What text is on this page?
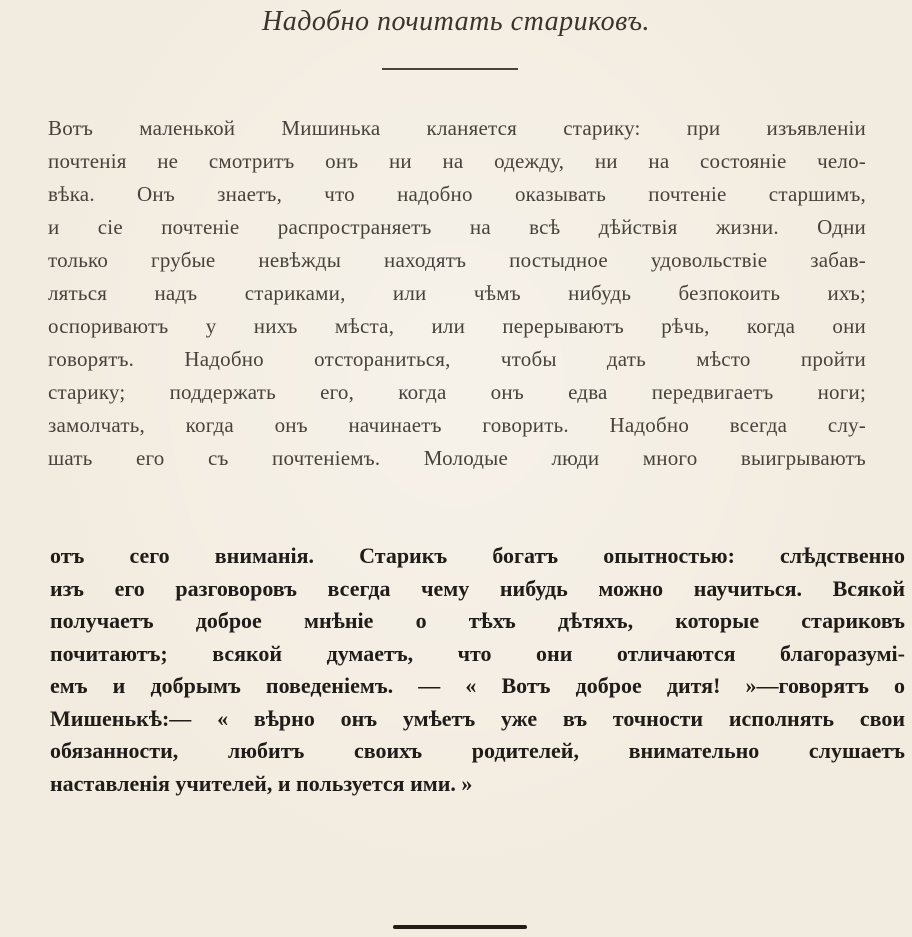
Надобно почитать стариковъ.

Вотъ маленькой Мишинька кланяется старику: при изъявленіи
почтенія не смотритъ онъ ни на одежду, ни на состояніе чело-
вѣка. Онъ знаетъ, что надобно оказывать почтеніе старшимъ,
и сіе почтеніе распространяетъ на всѣ дѣйствія жизни. Одни
только грубые невѣжды находятъ постыдное удовольствіе забав-
ляться надъ стариками, или чѣмъ нибудь безпокоить ихъ;
оспориваютъ у нихъ мѣста, или перерываютъ рѣчь, когда они
говорятъ. Надобно отстораниться, чтобы дать мѣсто пройти
старику; поддержать его, когда онъ едва передвигаетъ ноги;
замолчать, когда онъ начинаетъ говорить. Надобно всегда слу-
шать его съ почтеніемъ. Молодые люди много выигрываютъ

отъ сего вниманія. Старикъ богатъ опытностью: слѣдственно
изъ его разговоровъ всегда чему нибудь можно научиться. Всякой
получаетъ доброе мнѣніе о тѣхъ дѣтяхъ, которые стариковъ
почитаютъ; всякой думаетъ, что они отличаются благоразумі-
емъ и добрымъ поведеніемъ. — « Вотъ доброе дитя! »—говорятъ о
Мишенькѣ:— « вѣрно онъ умѣетъ уже въ точности исполнять свои
обязанности, любитъ своихъ родителей, внимательно слушаетъ
наставленія учителей, и пользуется ими. »
